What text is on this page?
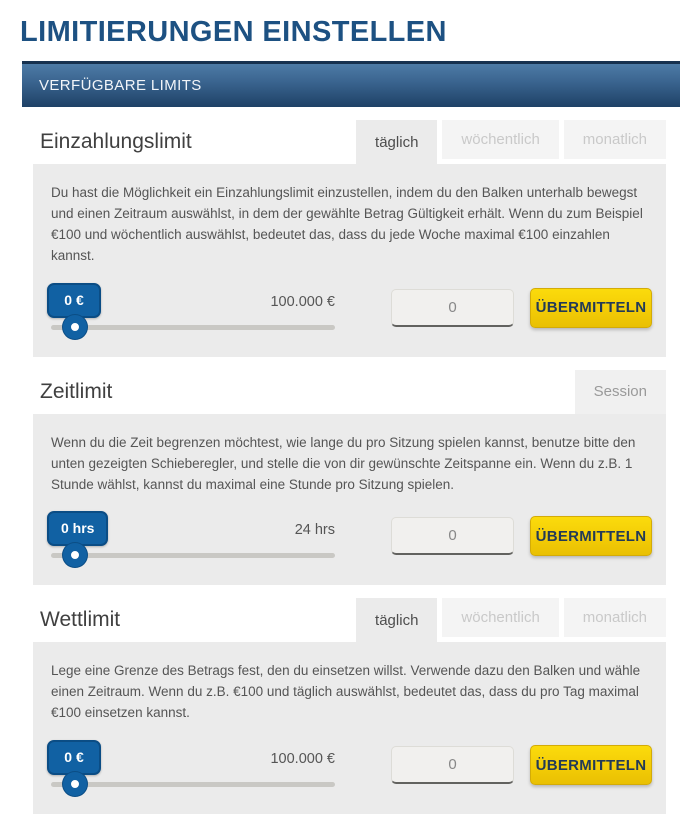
LIMITIERUNGEN EINSTELLEN
VERFÜGBARE LIMITS
Einzahlungslimit	täglich	wöchentlich	monatlich

Du hast die Möglichkeit ein Einzahlungslimit einzustellen, indem du den Balken unterhalb bewegst und einen Zeitraum auswählst, in dem der gewählte Betrag Gültigkeit erhält. Wenn du zum Beispiel €100 und wöchentlich auswählst, bedeutet das, dass du jede Woche maximal €100 einzahlen kannst.

0 €	100.000 €
0	ÜBERMITTELN
Zeitlimit	Session

Wenn du die Zeit begrenzen möchtest, wie lange du pro Sitzung spielen kannst, benutze bitte den unten gezeigten Schieberegler, und stelle die von dir gewünschte Zeitspanne ein. Wenn du z.B. 1 Stunde wählst, kannst du maximal eine Stunde pro Sitzung spielen.

0 hrs	24 hrs
0	ÜBERMITTELN
Wettlimit	täglich	wöchentlich	monatlich

Lege eine Grenze des Betrags fest, den du einsetzen willst. Verwende dazu den Balken und wähle einen Zeitraum. Wenn du z.B. €100 und täglich auswählst, bedeutet das, dass du pro Tag maximal €100 einsetzen kannst.

0 €	100.000 €
0	ÜBERMITTELN
